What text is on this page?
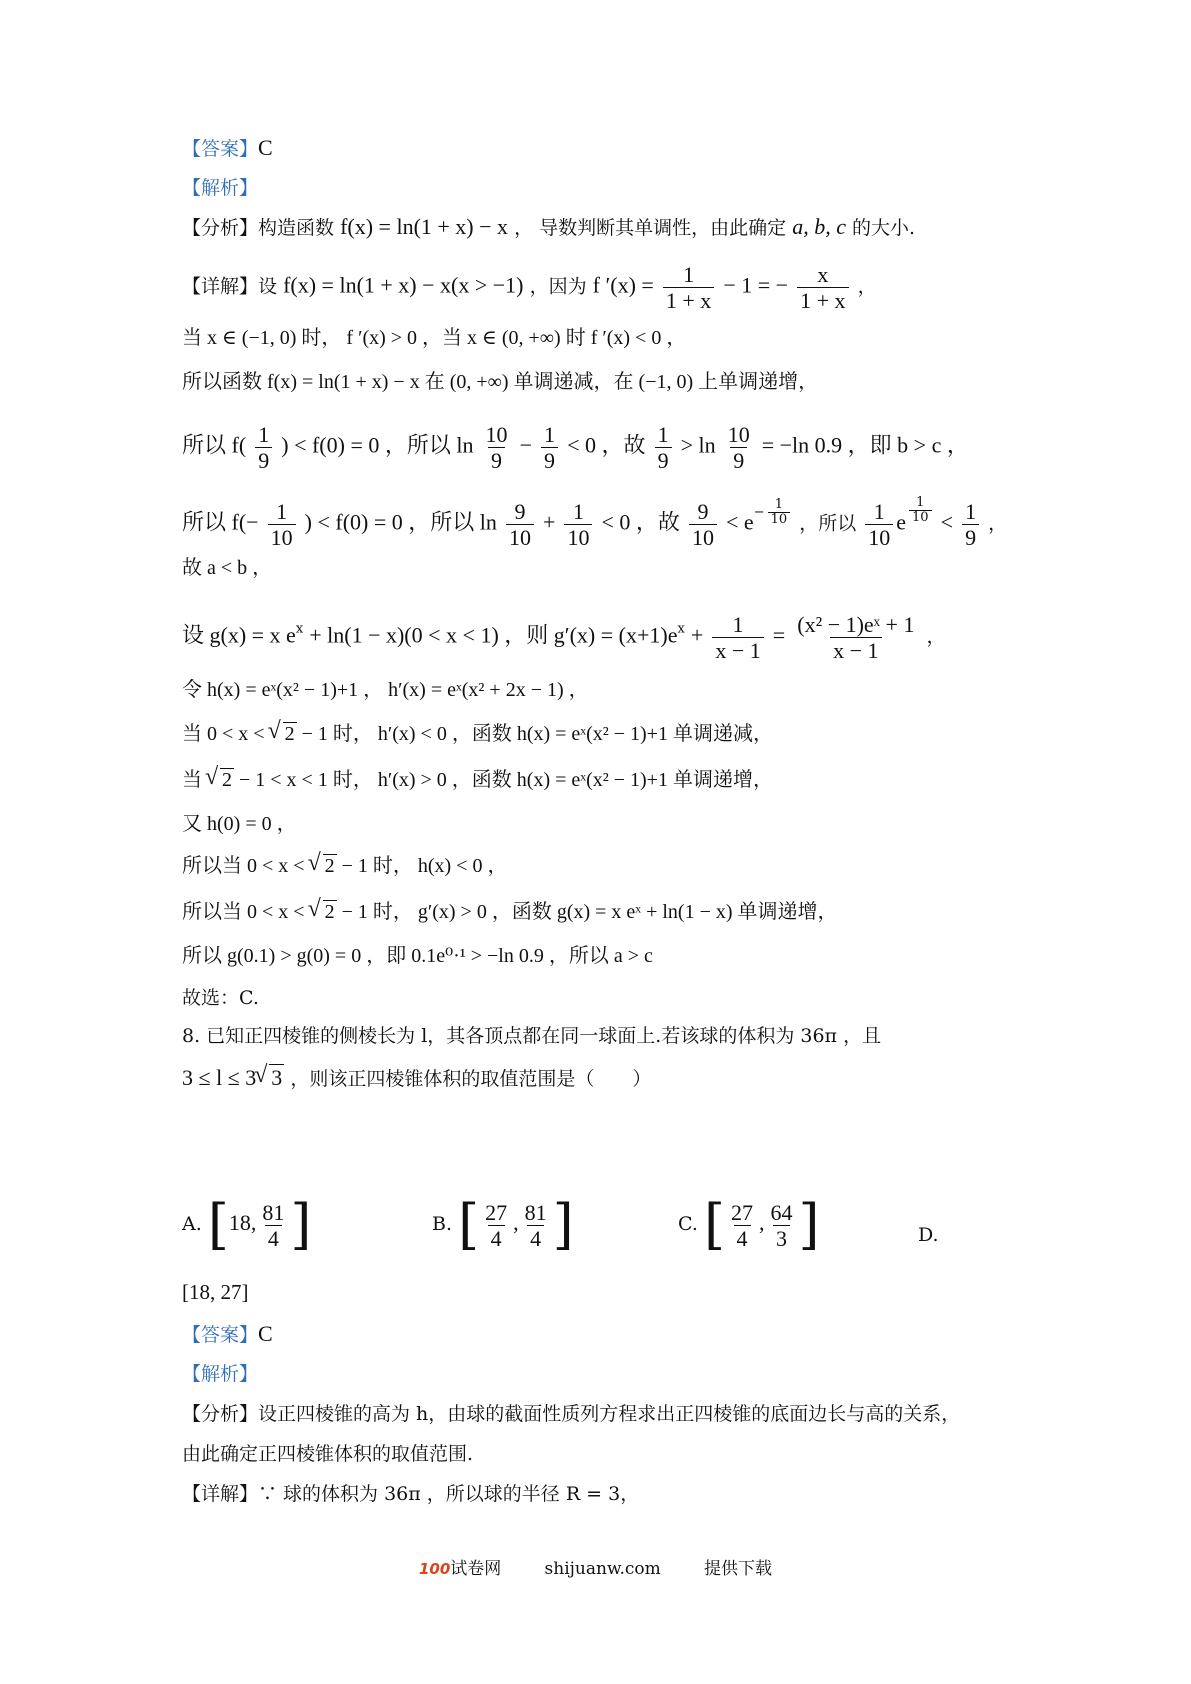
【答案】C
【解析】
【分析】构造函数 f(x) = ln(1 + x) − x ， 导数判断其单调性，由此确定 a, b, c 的大小.
【详解】设 f(x) = ln(1 + x) − x(x > −1) ，因为 f $'(x) = \frac{1}{1 + x} - 1$ = − $\frac{x}{1 + x}$ ，
当 x ∈ (−1, 0) 时， f ′(x) > 0 ，当 x ∈ (0, +∞) 时 f ′(x) < 0 ，
所以函数 f(x) = ln(1 + x) − x 在 (0, +∞) 单调递减，在 (−1, 0) 上单调递增，
所以 $f( \frac{1}{9}$ ) < f(0) = 0 ，所以 $\ln \frac{10}{9} - \frac{1}{9} < 0$ ，故 $\frac{1}{9} > \ln \frac{10}{9} = -\ln$ 0.9 ，即 b > c ，
所以 $f(- \frac{1}{10}$ ) < f(0) = 0 ，所以 $\ln \frac{9}{10} + \frac{1}{10} < 0$ ，故 $\frac{9}{10} < e^{- \frac{1}{10}}$ ，所以 $\frac{1}{10}$ e $\frac{1}{10} < \frac{1}{9}$ ，
故 a < b ，
设 g(x) = x $e^x + \ln(1 - x)(0 < x < 1)$ ，则 $g'(x) = (x+1)e^x + \frac{1}{x - 1} = \frac{\text{(x² − 1)eˣ + 1}}{x - 1}$ ，
令 h(x) = eˣ(x² − 1)+1 ， h′(x) = eˣ(x² + 2x − 1) ，
当 0 < x < √ 2 − 1 时， h′(x) < 0 ，函数 h(x) = eˣ(x² − 1)+1 单调递减，
当 √ 2 − 1 < x < 1 时， h′(x) > 0 ，函数 h(x) = eˣ(x² − 1)+1 单调递增，
又 h(0) = 0 ，
所以当 0 < x < √ 2 − 1 时， h(x) < 0 ，
所以当 0 < x < √ 2 − 1 时， g′(x) > 0 ，函数 g(x) = x eˣ + ln(1 − x) 单调递增，
所以 g(0.1) > g(0) = 0 ，即 0.1e⁰·¹ > −ln 0.9 ，所以 a > c
故选：C.
8. 已知正四棱锥的侧棱长为 l，其各顶点都在同一球面上.若该球的体积为 36π ，且
3 ≤ l ≤ 3 √ 3 ，则该正四棱锥体积的取值范围是（　　）
A. [18, $\frac{81}{4}$ ]	B. [ $\frac{27}{4}$ , $\frac{81}{4}$ ]	C. [ $\frac{27}{4}$ , $\frac{64}{3}$ ]	D.
[18, 27]
【答案】C
【解析】
【分析】设正四棱锥的高为 h，由球的截面性质列方程求出正四棱锥的底面边长与高的关系，
由此确定正四棱锥体积的取值范围.
【详解】∵ 球的体积为 36π ，所以球的半径 R = 3，
100试卷网	shijuanw.com	提供下载
